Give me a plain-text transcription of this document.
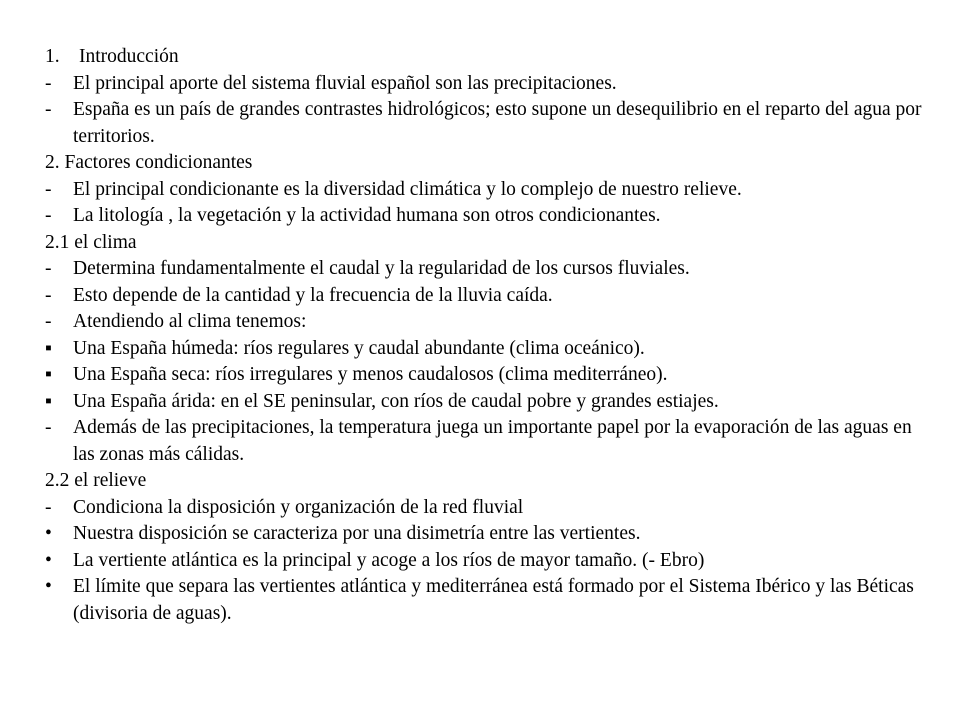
1. Introducción
-	El principal aporte del sistema fluvial español son las precipitaciones.
-	España es un país de grandes contrastes hidrológicos; esto supone un desequilibrio en el reparto del agua por territorios.
2. Factores condicionantes
-	El principal condicionante es la diversidad climática y lo complejo de nuestro relieve.
-	La litología , la vegetación y la actividad humana son otros condicionantes.
2.1 el clima
-	Determina fundamentalmente el caudal y la regularidad de los cursos fluviales.
-	Esto depende de la cantidad y la frecuencia de la lluvia caída.
-	Atendiendo al clima tenemos:
▪	Una España húmeda: ríos regulares y caudal abundante (clima oceánico).
▪	Una España seca: ríos irregulares y menos caudalosos (clima mediterráneo).
▪	Una España árida: en el SE peninsular, con ríos de caudal pobre y grandes estiajes.
-	Además de las precipitaciones, la temperatura juega un importante papel por la evaporación de las aguas en las zonas más cálidas.
2.2 el relieve
-	Condiciona la disposición y organización de la red fluvial
•	Nuestra disposición se caracteriza por una disimetría entre las vertientes.
•	La vertiente atlántica es la principal y acoge a los ríos de mayor tamaño. (- Ebro)
•	El límite que separa las vertientes atlántica y mediterránea está formado por el Sistema Ibérico y las Béticas (divisoria de aguas).
